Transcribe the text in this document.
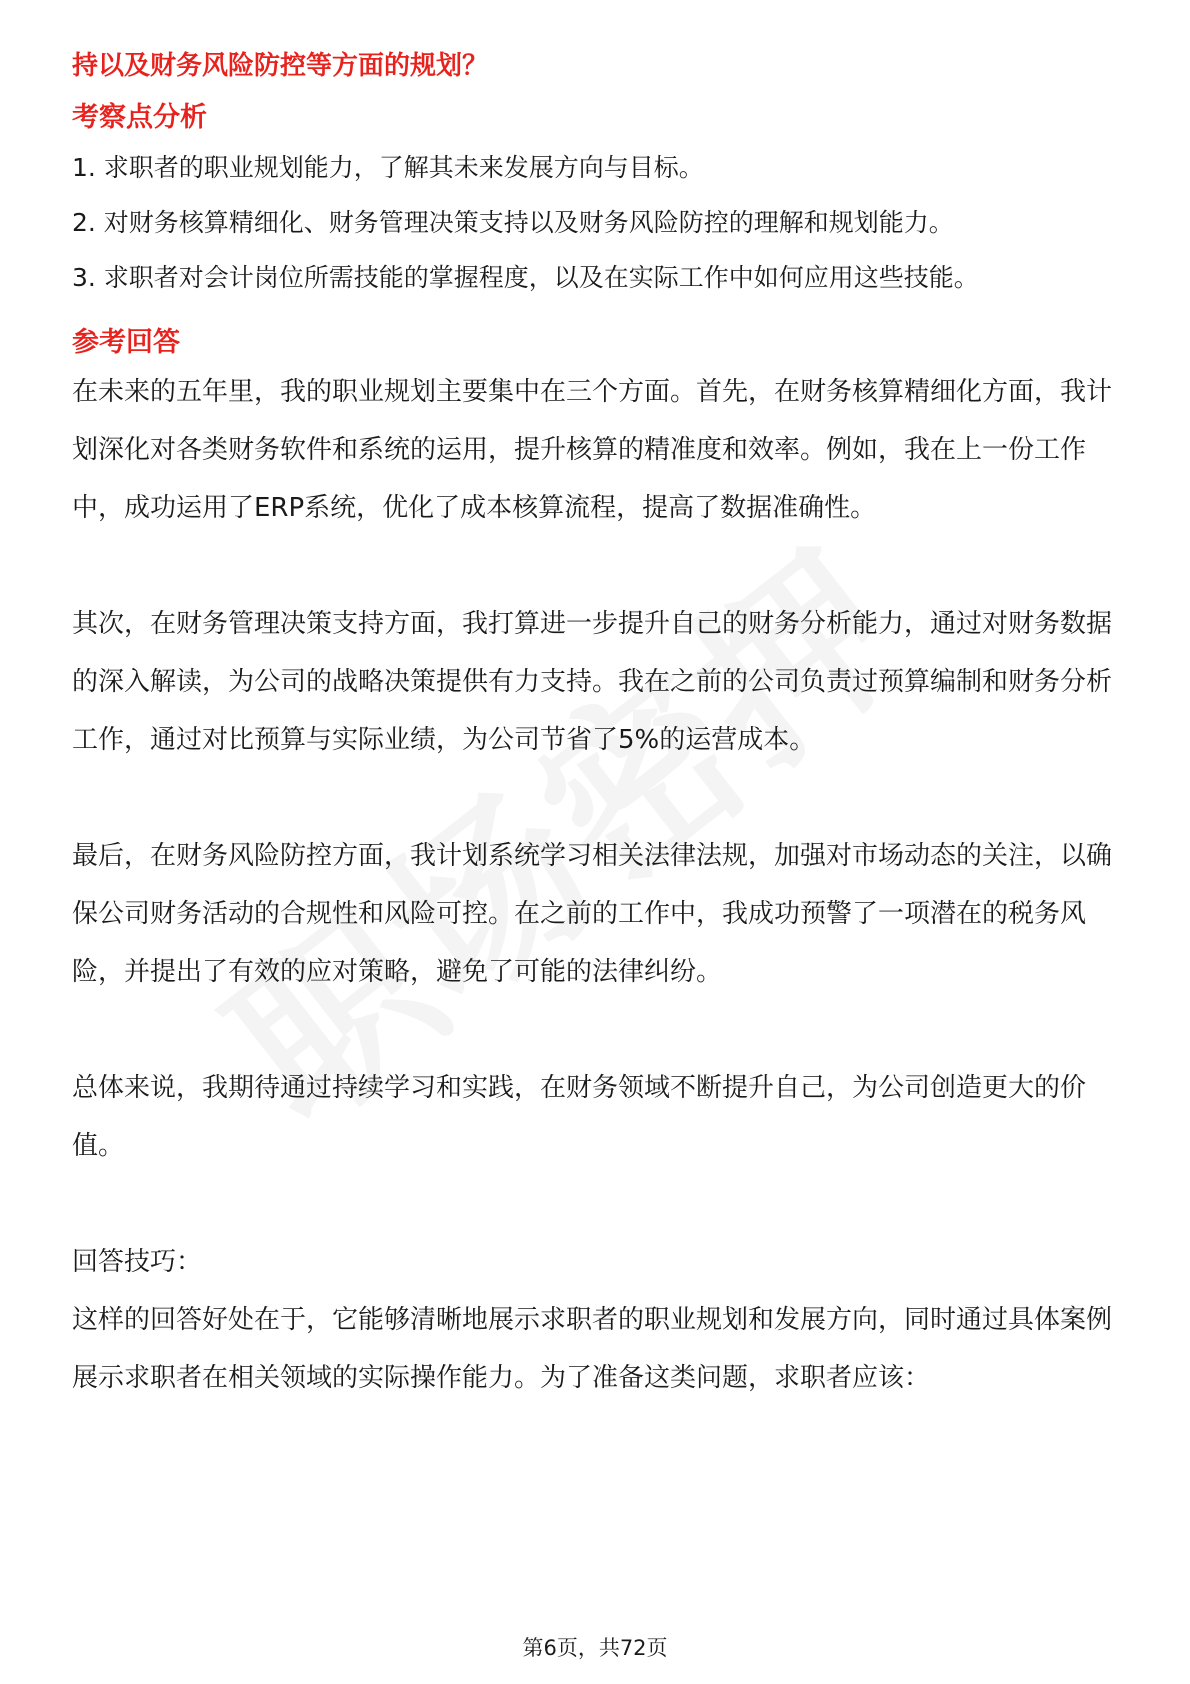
持以及财务风险防控等方面的规划？

考察点分析

1. 求职者的职业规划能力，了解其未来发展方向与目标。

2. 对财务核算精细化、财务管理决策支持以及财务风险防控的理解和规划能力。

3. 求职者对会计岗位所需技能的掌握程度，以及在实际工作中如何应用这些技能。

参考回答

在未来的五年里，我的职业规划主要集中在三个方面。首先，在财务核算精细化方面，我计划深化对各类财务软件和系统的运用，提升核算的精准度和效率。例如，我在上一份工作中，成功运用了ERP系统，优化了成本核算流程，提高了数据准确性。

其次，在财务管理决策支持方面，我打算进一步提升自己的财务分析能力，通过对财务数据的深入解读，为公司的战略决策提供有力支持。我在之前的公司负责过预算编制和财务分析工作，通过对比预算与实际业绩，为公司节省了5%的运营成本。

最后，在财务风险防控方面，我计划系统学习相关法律法规，加强对市场动态的关注，以确保公司财务活动的合规性和风险可控。在之前的工作中，我成功预警了一项潜在的税务风险，并提出了有效的应对策略，避免了可能的法律纠纷。

总体来说，我期待通过持续学习和实践，在财务领域不断提升自己，为公司创造更大的价值。

回答技巧：

这样的回答好处在于，它能够清晰地展示求职者的职业规划和发展方向，同时通过具体案例展示求职者在相关领域的实际操作能力。为了准备这类问题，求职者应该：

第6页，共72页
